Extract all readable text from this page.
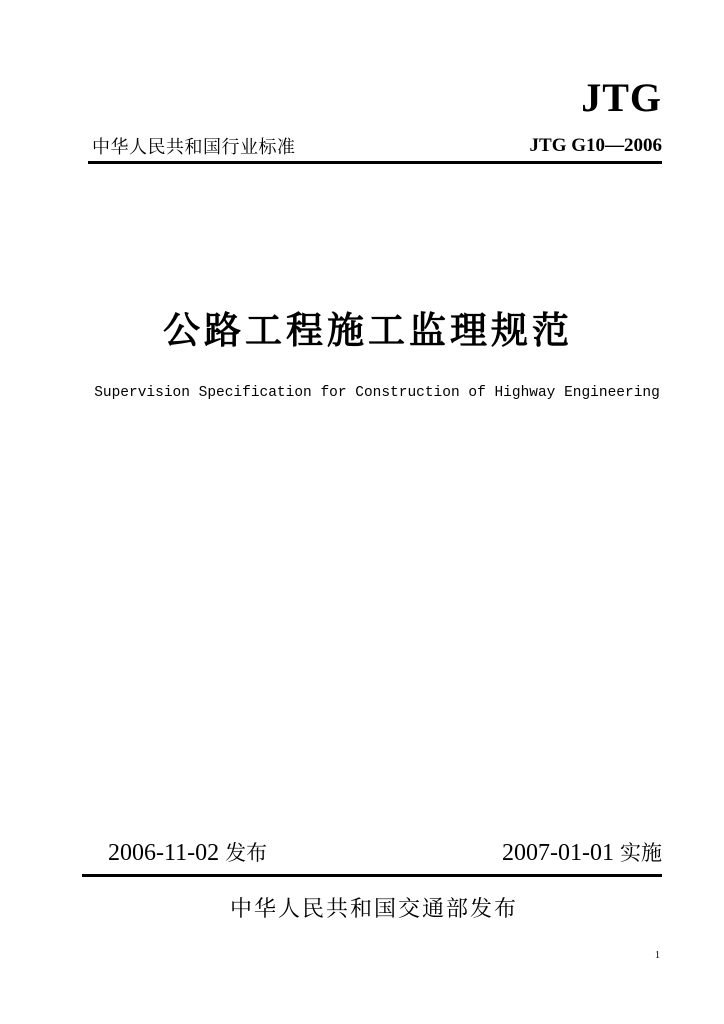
JTG
中华人民共和国行业标准	JTG G10—2006
公路工程施工监理规范
Supervision Specification for Construction of Highway Engineering
2006-11-02 发布	2007-01-01 实施
中华人民共和国交通部发布
1
